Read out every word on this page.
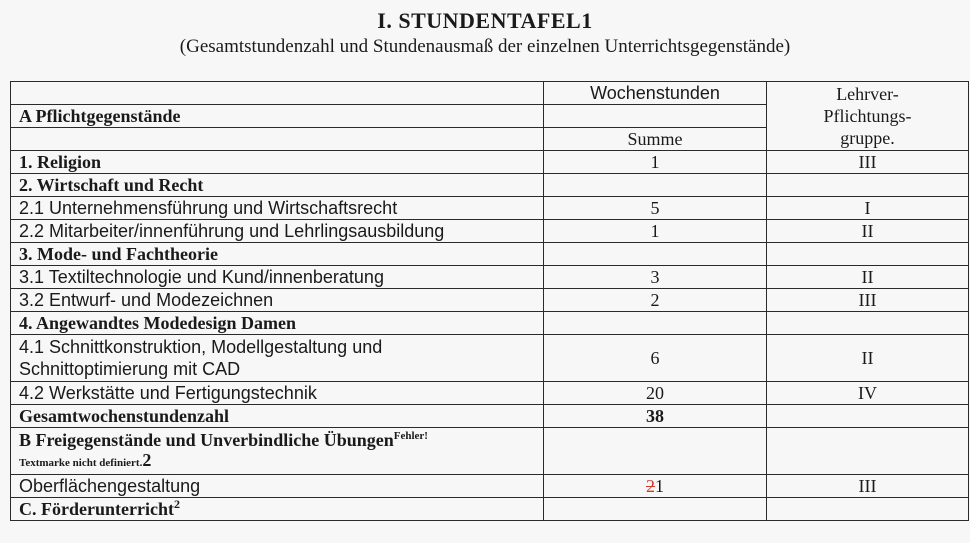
I. STUNDENTAFEL1
(Gesamtstundenzahl und Stundenausmaß der einzelnen Unterrichtsgegenstände)
	Wochenstunden	Lehrver-
Pflichtungs-
gruppe.

A Pflichtgegenstände		
	Summe	
1. Religion	1	III
2. Wirtschaft und Recht		
2.1 Unternehmensführung und Wirtschaftsrecht	5	I
2.2 Mitarbeiter/innenführung und Lehrlingsausbildung	1	II
3. Mode- und Fachtheorie		
3.1 Textiltechnologie und Kund/innenberatung	3	II
3.2 Entwurf- und Modezeichnen	2	III
4. Angewandtes Modedesign Damen		

4.1 Schnittkonstruktion, Modellgestaltung und
Schnittoptimierung mit CAD	6	II
4.2 Werkstätte und Fertigungstechnik	20	IV
Gesamtwochenstundenzahl	38	

B Freigegenstände und Unverbindliche Übungen$^{Fehler!}$
Textmarke nicht definiert.2		

Oberflächengestaltung	21	III
C. Förderunterricht$^2$		
